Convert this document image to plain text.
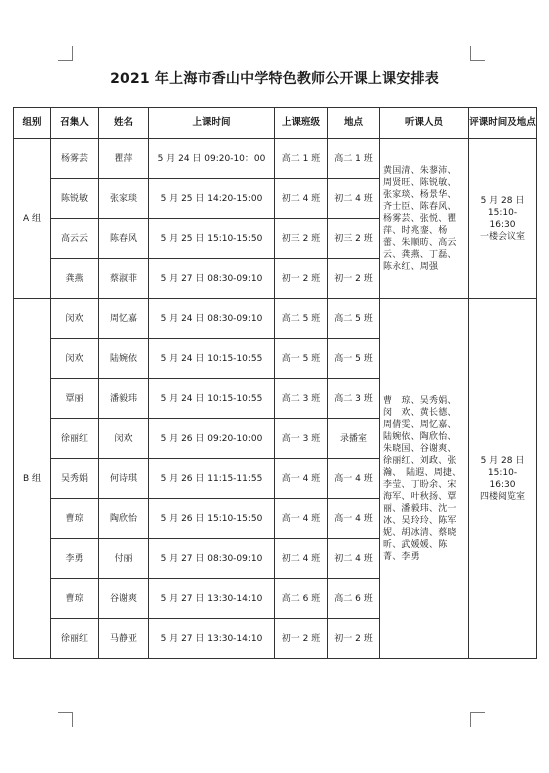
2021 年上海市香山中学特色教师公开课上课安排表
组别	召集人	姓名	上课时间	上课班级	地点	听课人员	评课时间及地点
A 组	杨雾芸	瞿萍	5 月 24 日 09:20-10：00	高二 1 班	高二 1 班	黄国清、朱蓼沛、周贤旺、陈锐敏、张家琰、杨景华、齐士臣、陈春风、杨雾芸、张悦、瞿萍、时兆銮、杨蕾、朱顺昉、高云云、龚燕、丁磊、陈永红、周强	5 月 28 日
15:10-
16:30
一楼会议室

	陈锐敏	张家琰	5 月 25 日 14:20-15:00	初二 4 班	初二 4 班		
	高云云	陈春风	5 月 25 日 15:10-15:50	初三 2 班	初三 2 班		
	龚燕	蔡淑菲	5 月 27 日 08:30-09:10	初一 2 班	初一 2 班		
B 组	闵欢	周忆嘉	5 月 24 日 08:30-09:10	高二 5 班	高二 5 班	曹　琼、吴秀娟、闵　欢、黄长德、周倩雯、周忆嘉、陆婉依、陶欣怡、朱晓国、谷谢爽、徐丽红、刘政、张瀚、　陆遐、周捷、李莹、丁盼余、宋海军、叶秋扬、覃丽、潘毅玮、沈一冰、吴玲玲、陈军妮、胡冰清、蔡晓昕、武媛媛、陈菁、李勇	5 月 28 日
15:10-
16:30
四楼阅览室

	闵欢	陆婉依	5 月 24 日 10:15-10:55	高一 5 班	高一 5 班		
	覃丽	潘毅玮	5 月 24 日 10:15-10:55	高二 3 班	高二 3 班		
	徐丽红	闵欢	5 月 26 日 09:20-10:00	高一 3 班	录播室		
	吴秀娟	何诗琪	5 月 26 日 11:15-11:55	高一 4 班	高一 4 班		
	曹琼	陶欣怡	5 月 26 日 15:10-15:50	高一 4 班	高一 4 班		
	李勇	付丽	5 月 27 日 08:30-09:10	初二 4 班	初二 4 班		
	曹琼	谷谢爽	5 月 27 日 13:30-14:10	高二 6 班	高二 6 班		
	徐丽红	马静亚	5 月 27 日 13:30-14:10	初一 2 班	初一 2 班		
